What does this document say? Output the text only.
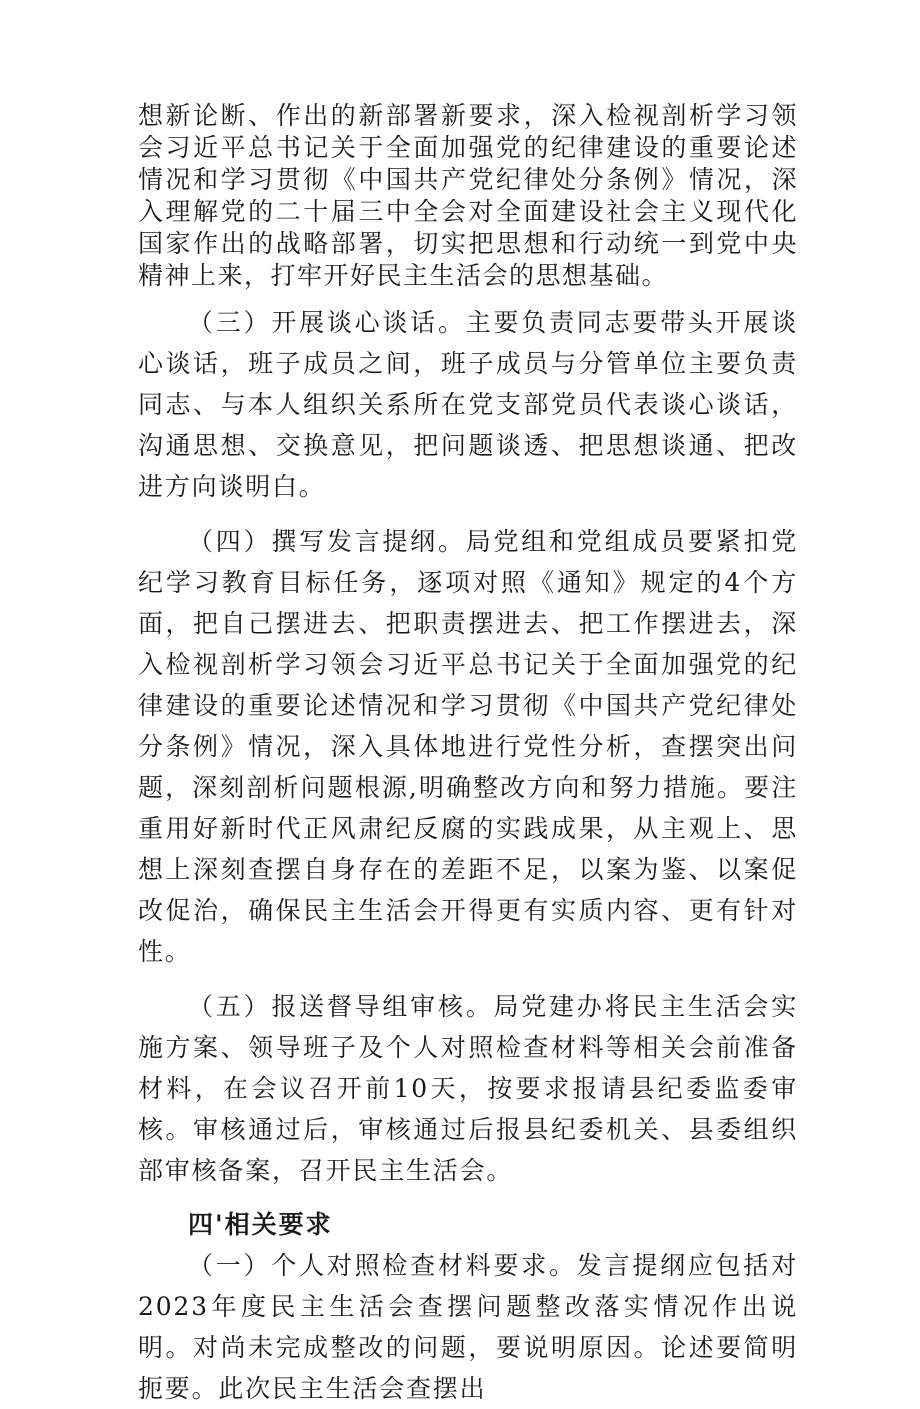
想新论断、作出的新部署新要求，深入检视剖析学习领会习近平总书记关于全面加强党的纪律建设的重要论述情况和学习贯彻《中国共产党纪律处分条例》情况，深入理解党的二十届三中全会对全面建设社会主义现代化国家作出的战略部署，切实把思想和行动统一到党中央精神上来，打牢开好民主生活会的思想基础。

（三）开展谈心谈话。主要负责同志要带头开展谈心谈话，班子成员之间，班子成员与分管单位主要负责同志、与本人组织关系所在党支部党员代表谈心谈话，沟通思想、交换意见，把问题谈透、把思想谈通、把改进方向谈明白。

（四）撰写发言提纲。局党组和党组成员要紧扣党纪学习教育目标任务，逐项对照《通知》规定的4个方面，把自己摆进去、把职责摆进去、把工作摆进去，深入检视剖析学习领会习近平总书记关于全面加强党的纪律建设的重要论述情况和学习贯彻《中国共产党纪律处分条例》情况，深入具体地进行党性分析，查摆突出问题，深刻剖析问题根源,明确整改方向和努力措施。要注重用好新时代正风肃纪反腐的实践成果，从主观上、思想上深刻查摆自身存在的差距不足，以案为鉴、以案促改促治，确保民主生活会开得更有实质内容、更有针对性。

（五）报送督导组审核。局党建办将民主生活会实施方案、领导班子及个人对照检查材料等相关会前准备材料，在会议召开前10天，按要求报请县纪委监委审核。审核通过后，审核通过后报县纪委机关、县委组织部审核备案，召开民主生活会。

四'相关要求

（一）个人对照检查材料要求。发言提纲应包括对2023年度民主生活会查摆问题整改落实情况作出说明。对尚未完成整改的问题，要说明原因。论述要简明扼要。此次民主生活会查摆出
